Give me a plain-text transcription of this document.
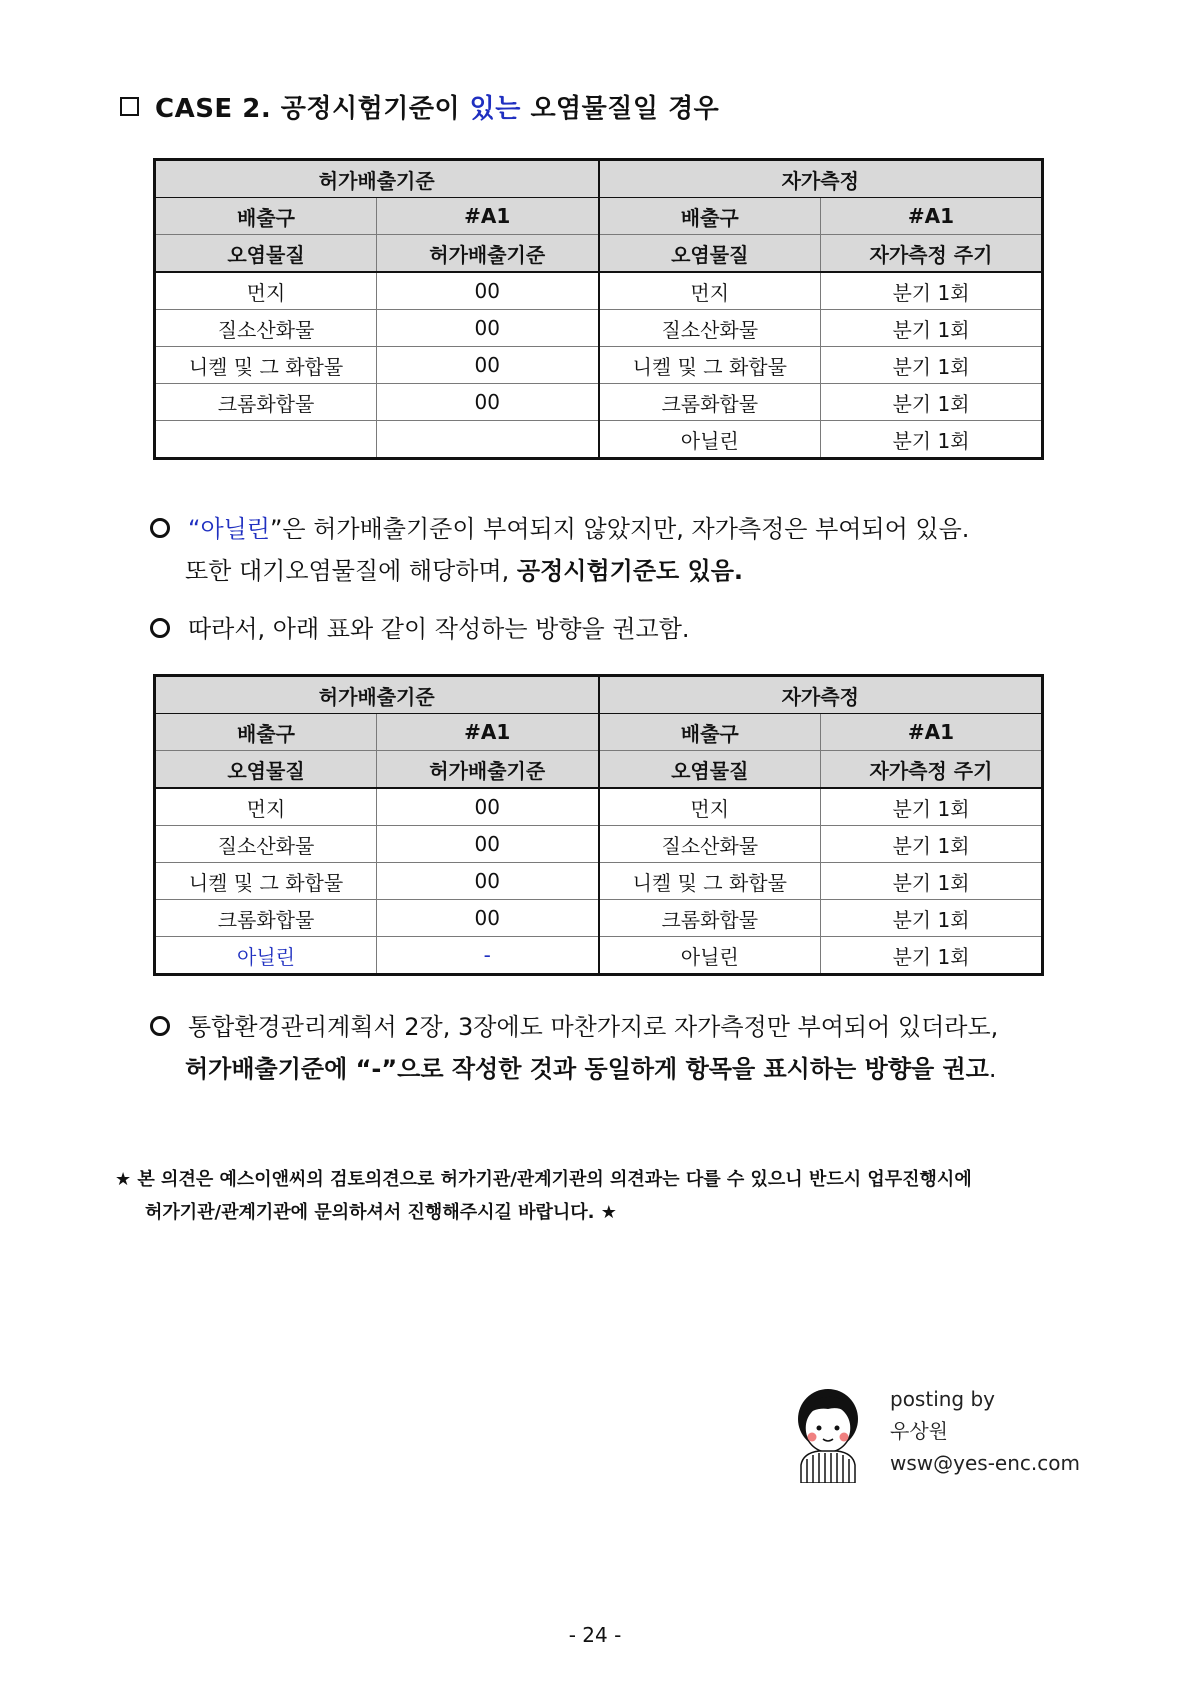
CASE 2. 공정시험기준이 있는 오염물질일 경우
허가배출기준		자가측정	
배출구	#A1	배출구	#A1
오염물질	허가배출기준	오염물질	자가측정 주기
먼지	00	먼지	분기 1회
질소산화물	00	질소산화물	분기 1회
니켈 및 그 화합물	00	니켈 및 그 화합물	분기 1회
크롬화합물	00	크롬화합물	분기 1회
		아닐린	분기 1회
“아닐린”은 허가배출기준이 부여되지 않았지만, 자가측정은 부여되어 있음.
또한 대기오염물질에 해당하며, 공정시험기준도 있음.
따라서, 아래 표와 같이 작성하는 방향을 권고함.
허가배출기준		자가측정	
배출구	#A1	배출구	#A1
오염물질	허가배출기준	오염물질	자가측정 주기
먼지	00	먼지	분기 1회
질소산화물	00	질소산화물	분기 1회
니켈 및 그 화합물	00	니켈 및 그 화합물	분기 1회
크롬화합물	00	크롬화합물	분기 1회
아닐린	-	아닐린	분기 1회
통합환경관리계획서 2장, 3장에도 마찬가지로 자가측정만 부여되어 있더라도,
허가배출기준에 “-”으로 작성한 것과 동일하게 항목을 표시하는 방향을 권고.
★ 본 의견은 예스이앤씨의 검토의견으로 허가기관/관계기관의 의견과는 다를 수 있으니 반드시 업무진행시에
허가기관/관계기관에 문의하셔서 진행해주시길 바랍니다. ★
posting by
우상원
wsw@yes-enc.com
- 24 -
